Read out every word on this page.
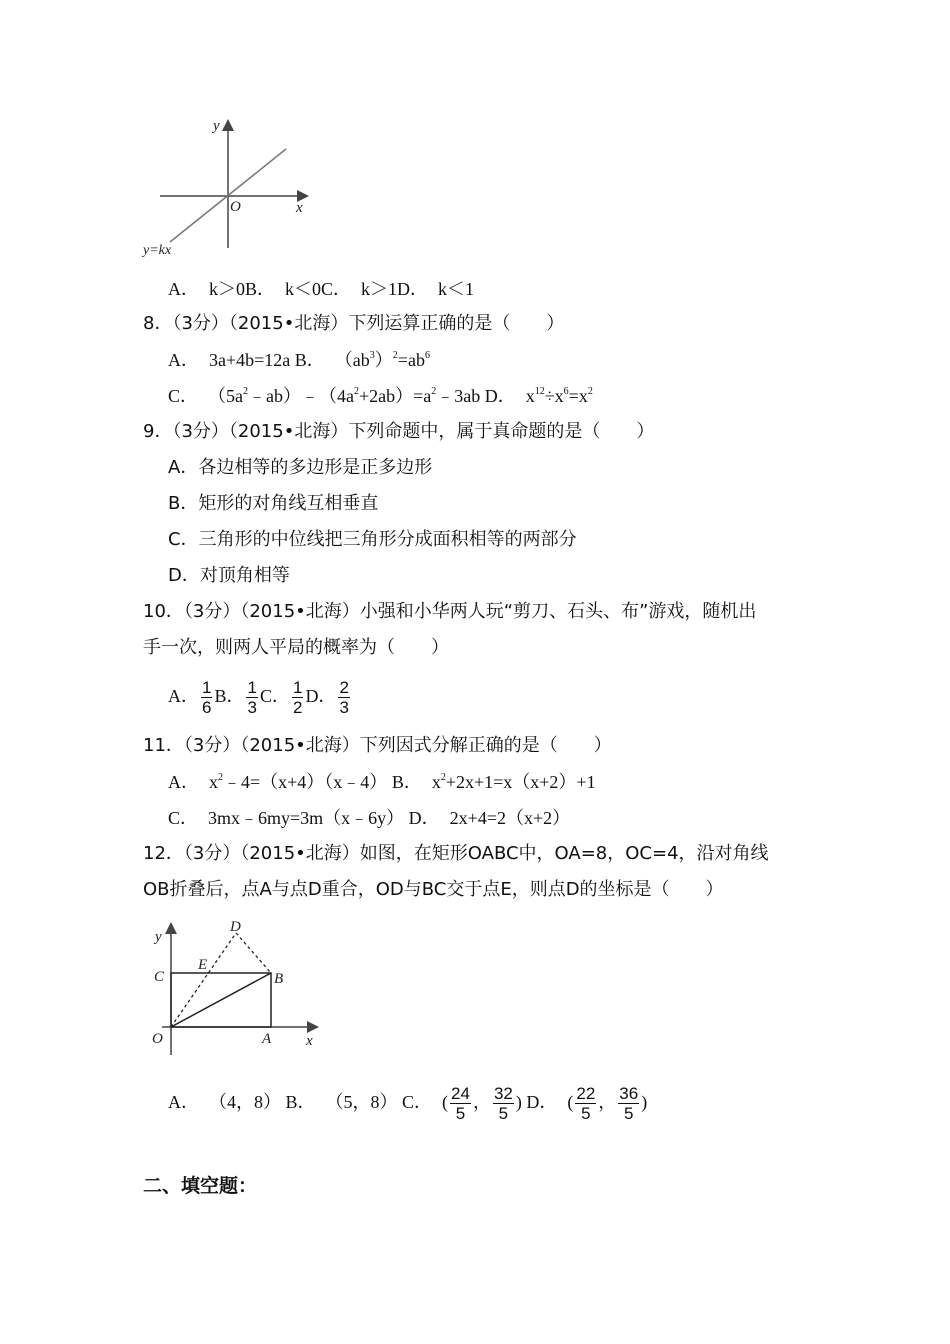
y
x
O
y=kx
A． k＞0B． k＜0C． k＞1D． k＜1
8．（3分）（2015•北海）下列运算正确的是（　　）
A． 3a+4b=12a B． $(ab^3)^2=ab^6$
C． $(5a^2﹣ab)﹣(4a^2+2ab)=a^2﹣3ab$ D． $x^{12}\div x^6=x^2$
9．（3分）（2015•北海）下列命题中，属于真命题的是（　　）
A．各边相等的多边形是正多边形
B．矩形的对角线互相垂直
C．三角形的中位线把三角形分成面积相等的两部分
D．对顶角相等
10．（3分）（2015•北海）小强和小华两人玩“剪刀、石头、布”游戏，随机出
手一次，则两人平局的概率为（　　）
A． $\frac{1}{6}$ B． $\frac{1}{3}$ C． $\frac{1}{2}$ D． $\frac{2}{3}$
11．（3分）（2015•北海）下列因式分解正确的是（　　）
A． $x^2﹣4=(x+4)(x﹣4)$ B． $x^2+2x+1=x(x+2)+1$
C． 3mx﹣6my=3m（x﹣6y） D． 2x+4=2（x+2）
12．（3分）（2015•北海）如图，在矩形OABC中，OA=8，OC=4，沿对角线
OB折叠后，点A与点D重合，OD与BC交于点E，则点D的坐标是（　　）
y
x
O	A
B
C
D
E
A． （4，8） B． （5，8） C． ( $\frac{24}{5}$ ， $\frac{32}{5}$ ) D． ( $\frac{22}{5}$ ， $\frac{36}{5}$ )
二、填空题：
